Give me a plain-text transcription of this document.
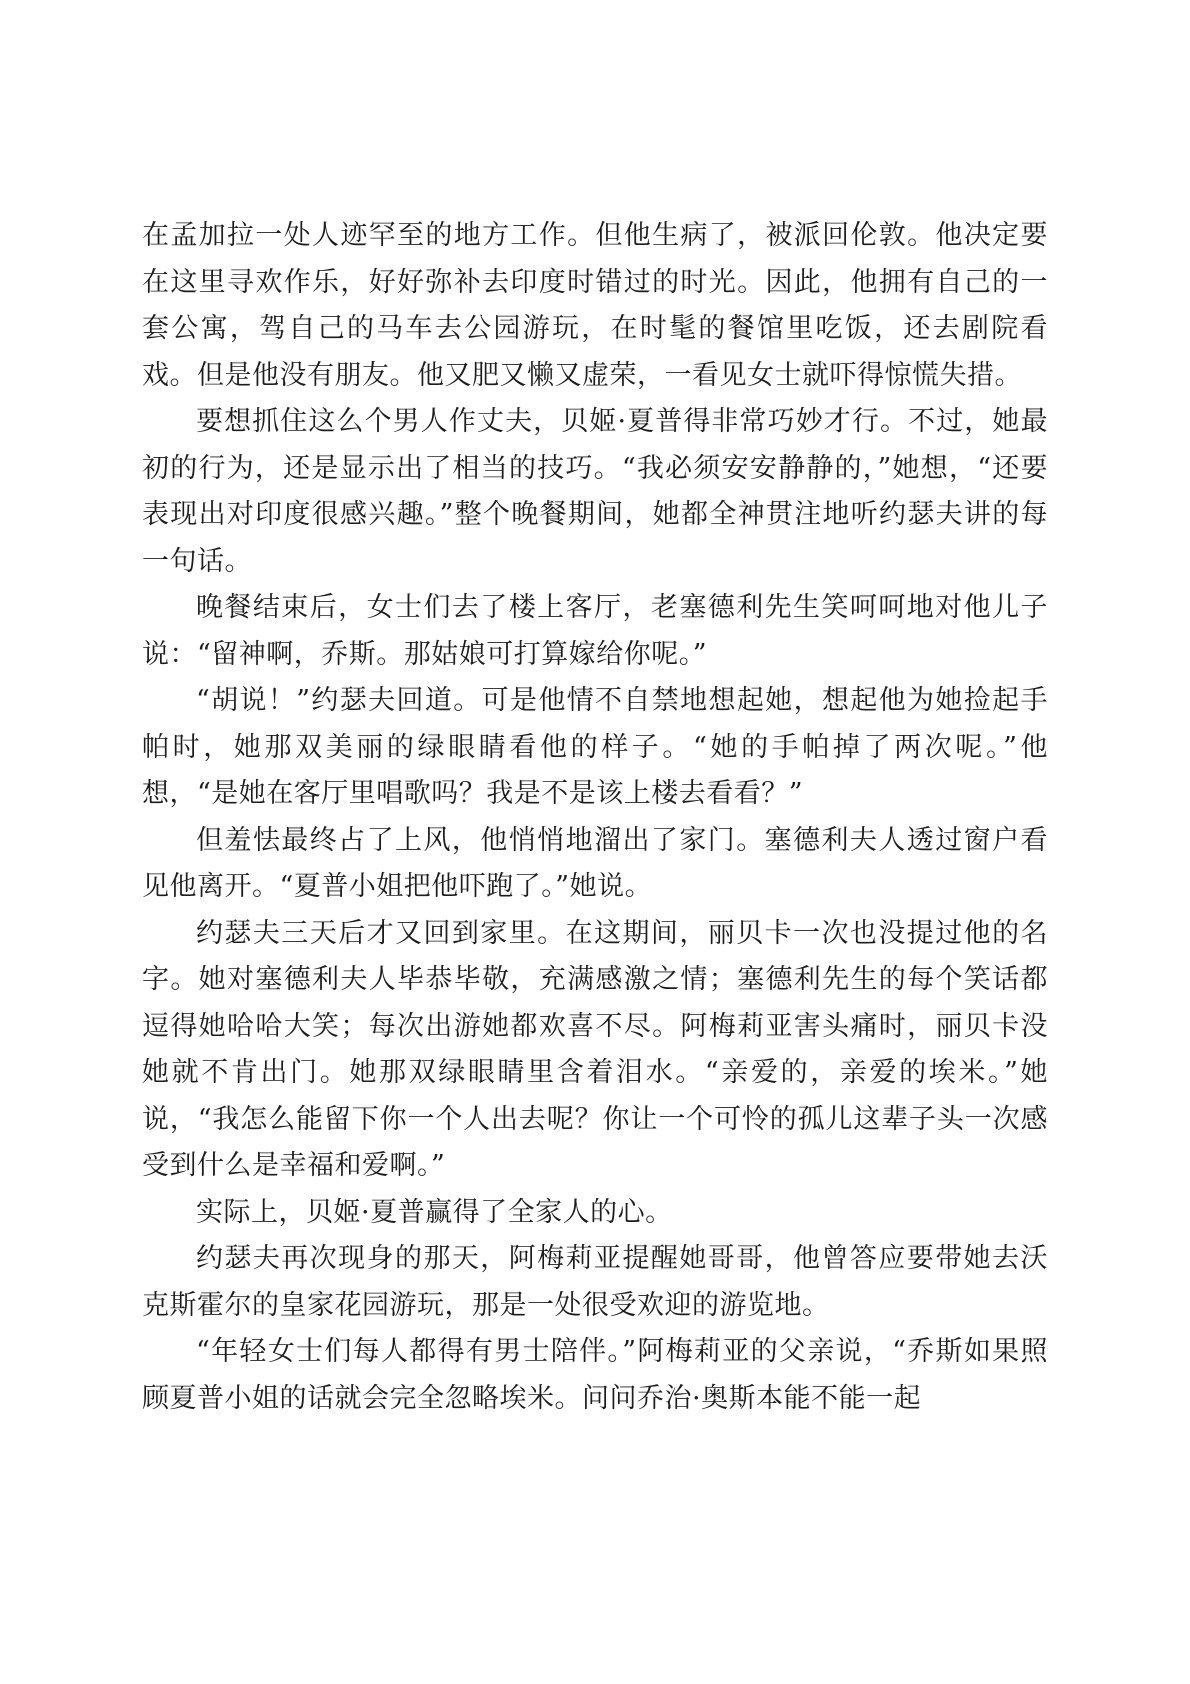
在孟加拉一处人迹罕至的地方工作。但他生病了，被派回伦敦。他决定要在这里寻欢作乐，好好弥补去印度时错过的时光。因此，他拥有自己的一套公寓，驾自己的马车去公园游玩，在时髦的餐馆里吃饭，还去剧院看戏。但是他没有朋友。他又肥又懒又虚荣，一看见女士就吓得惊慌失措。

要想抓住这么个男人作丈夫，贝姬·夏普得非常巧妙才行。不过，她最初的行为，还是显示出了相当的技巧。“我必须安安静静的，”她想，“还要表现出对印度很感兴趣。”整个晚餐期间，她都全神贯注地听约瑟夫讲的每一句话。

晚餐结束后，女士们去了楼上客厅，老塞德利先生笑呵呵地对他儿子说：“留神啊，乔斯。那姑娘可打算嫁给你呢。”

“胡说！”约瑟夫回道。可是他情不自禁地想起她，想起他为她捡起手帕时，她那双美丽的绿眼睛看他的样子。“她的手帕掉了两次呢。”他想，“是她在客厅里唱歌吗？我是不是该上楼去看看？”

但羞怯最终占了上风，他悄悄地溜出了家门。塞德利夫人透过窗户看见他离开。“夏普小姐把他吓跑了。”她说。

约瑟夫三天后才又回到家里。在这期间，丽贝卡一次也没提过他的名字。她对塞德利夫人毕恭毕敬，充满感激之情；塞德利先生的每个笑话都逗得她哈哈大笑；每次出游她都欢喜不尽。阿梅莉亚害头痛时，丽贝卡没她就不肯出门。她那双绿眼睛里含着泪水。“亲爱的，亲爱的埃米。”她说，“我怎么能留下你一个人出去呢？你让一个可怜的孤儿这辈子头一次感受到什么是幸福和爱啊。”

实际上，贝姬·夏普赢得了全家人的心。

约瑟夫再次现身的那天，阿梅莉亚提醒她哥哥，他曾答应要带她去沃克斯霍尔的皇家花园游玩，那是一处很受欢迎的游览地。

“年轻女士们每人都得有男士陪伴。”阿梅莉亚的父亲说，“乔斯如果照顾夏普小姐的话就会完全忽略埃米。问问乔治·奥斯本能不能一起
